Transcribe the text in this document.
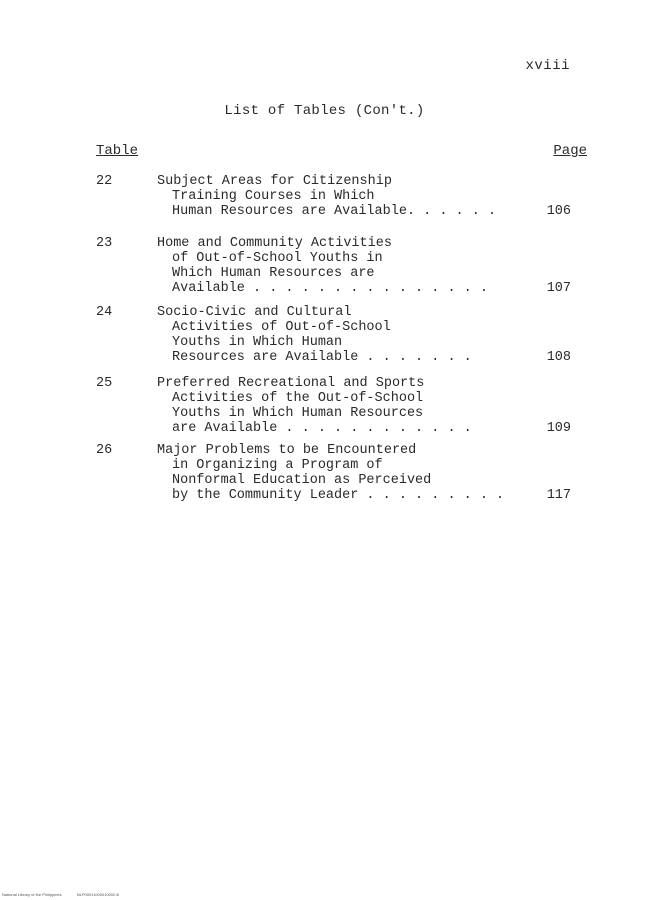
xviii
List of Tables (Con't.)
Table	Page
22	Subject Areas for Citizenship
Training Courses in Which
Human Resources are Available. . . . . .	106
23	Home and Community Activities
of Out-of-School Youths in
Which Human Resources are
Available . . . . . . . . . . . . . . .	107
24	Socio-Civic and Cultural
Activities of Out-of-School
Youths in Which Human
Resources are Available . . . . . . .	108
25	Preferred Recreational and Sports
Activities of the Out-of-School
Youths in Which Human Resources
are Available . . . . . . . . . . . .	109
26	Major Problems to be Encountered
in Organizing a Program of
Nonformal Education as Perceived
by the Community Leader . . . . . . . . .	117
National Library of the Philippines	NLP00011000010000 iii
